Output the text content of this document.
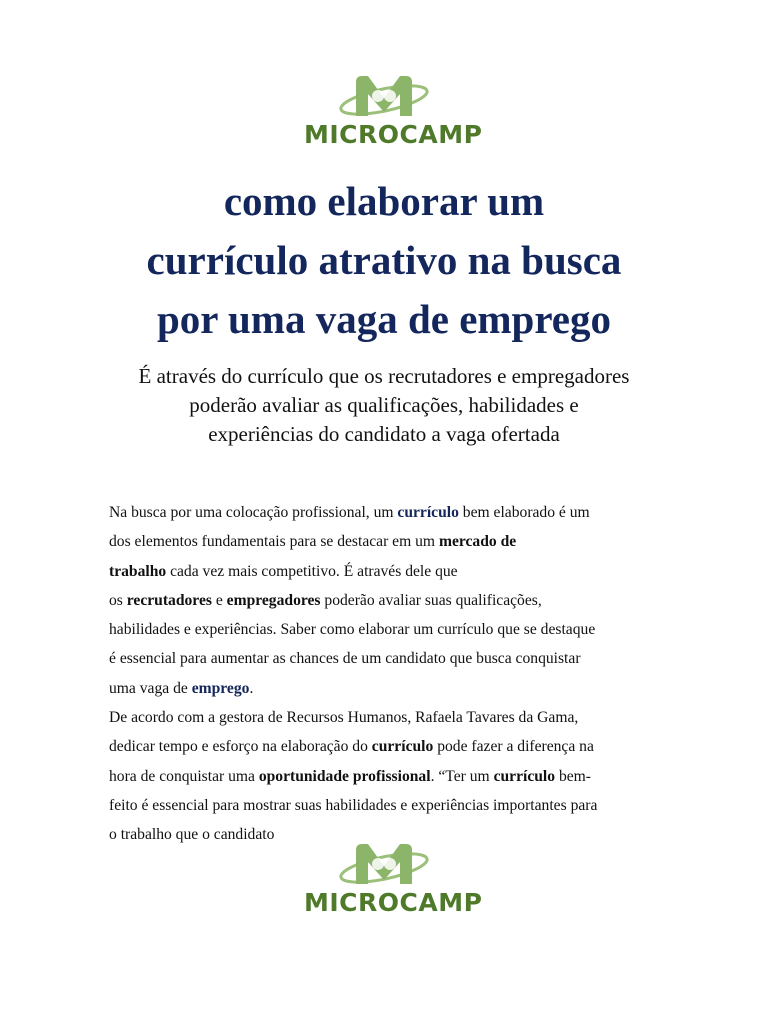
MICROCAMP
como elaborar um
currículo atrativo na busca
por uma vaga de emprego

É através do currículo que os recrutadores e empregadores
poderão avaliar as qualificações, habilidades e
experiências do candidato a vaga ofertada

Na busca por uma colocação profissional, um currículo bem elaborado é um
dos elementos fundamentais para se destacar em um mercado de
trabalho cada vez mais competitivo. É através dele que
os recrutadores e empregadores poderão avaliar suas qualificações,
habilidades e experiências. Saber como elaborar um currículo que se destaque
é essencial para aumentar as chances de um candidato que busca conquistar
uma vaga de emprego.

De acordo com a gestora de Recursos Humanos, Rafaela Tavares da Gama,
dedicar tempo e esforço na elaboração do currículo pode fazer a diferença na
hora de conquistar uma oportunidade profissional. “Ter um currículo bem-
feito é essencial para mostrar suas habilidades e experiências importantes para
o trabalho que o candidato

MICROCAMP
